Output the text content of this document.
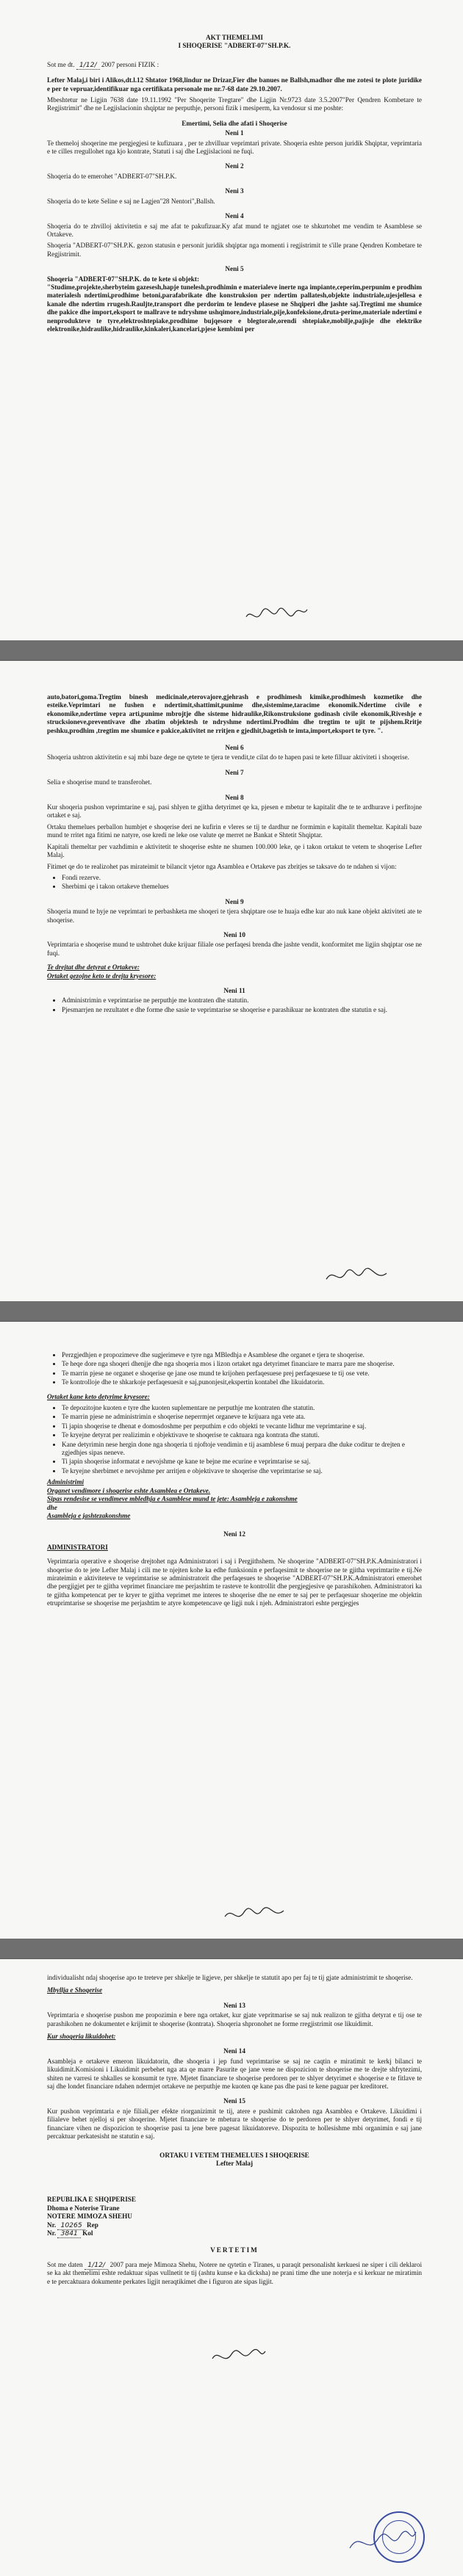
AKT THEMELIMI

I SHOQERISE "ADBERT-07"SH.P.K.

Sot me dt. 1/12/ 2007 personi FIZIK :

Lefter Malaj,i biri i Alikos,dt.l.12 Shtator 1968,lindur ne Drizar,Fier dhe banues ne Ballsh,madhor dhe me zotesi te plote juridike e per te vepruar,identifikuar nga certifikata personale me nr.7-68 date 29.10.2007.

Mbeshtetur ne Ligjin 7638 date 19.11.1992 "Per Shoqerite Tregtare" dhe Ligjin Nr.9723 date 3.5.2007"Per Qendren Kombetare te Regjistrimit" dhe ne Legjislacionin shqiptar ne perputhje, personi fizik i mesiperm, ka vendosur si me poshte:

Emertimi, Selia dhe afati i Shoqerise

Neni 1

Te themeloj shoqerine me pergjegjesi te kufizuara , per te zhvilluar veprimtari private. Shoqeria eshte person juridik Shqiptar, veprimtaria e te cilles rregullohet nga kjo kontrate, Statuti i saj dhe Legjislacioni ne fuqi.

Neni 2

Shoqeria do te emerohet "ADBERT-07"SH.P.K.

Neni 3

Shoqeria do te kete Seline e saj ne Lagjen"28 Nentori",Ballsh.

Neni 4

Shoqeria do te zhvilloj aktivitetin e saj me afat te pakufizuar.Ky afat mund te ngjatet ose te shkurtohet me vendim te Asamblese se Ortakeve.

Shoqeria "ADBERT-07"SH.P.K. gezon statusin e personit juridik shqiptar nga momenti i regjistrimit te s'ille prane Qendren Kombetare te Regjistrimit.

Neni 5

Shoqeria "ADBERT-07"SH.P.K. do te kete si objekt:

"Studime,projekte,sherbyteim gazesesh,hapje tunelesh,prodhimin e materialeve inerte nga impiante,ceperim,perpunim e prodhim materialesh ndertimi,prodhime betoni,parafabrikate dhe konstruksion per ndertim pallatesh,objekte industriale,ujesjellesa e kanale dhe ndertim rrugesh.Rauljte,transport dhe perdorim te lendeve plasese ne Shqiperi dhe jashte saj.Tregtimi me shumice dhe pakice dhe import,eksport te mallrave te ndryshme ushqimore,industriale,pije,konfeksione,druta-perime,materiale ndertimi e nenprodukteve te tyre,elektroshtepiake,prodhime bujqesore e blegtorale,orendi shtepiake,mobilje,pajisje dhe elektrike elektronike,hidraulike,hidraulike,kinkaleri,kancelari,pjese kembimi per

auto,batori,goma.Tregtim binesh medicinale,eterovajore,gjehrash e prodhimesh kimike,prodhimesh kozmetike dhe esteike.Veprimtari ne fushen e ndertimit,shattimit,punime dhe,sistemime,taracime ekonomik.Ndertime civile e ekonomike,ndertime vepra arti,punime mbrojtje dhe sisteme hidraulike,Rikonstruksione godinash civile ekonomik,Riveshje e strucksioneve,preventivave dhe zbatim objektesh te ndryshme ndertimi.Prodhim dhe tregtim te ujit te pijshem.Rritje peshku,prodhim ,tregtim me shumice e pakice,aktivitet ne rritjen e gjedhit,bagetish te imta,import,eksport te tyre. ".

Neni 6

Shoqeria ushtron aktivitetin e saj mbi baze dege ne qytete te tjera te vendit,te cilat do te hapen pasi te kete filluar aktiviteti i shoqerise.

Neni 7

Selia e shoqerise mund te transferohet.

Neni 8

Kur shoqeria pushon veprimtarine e saj, pasi shlyen te gjitha detyrimet qe ka, pjesen e mbetur te kapitalit dhe te te ardhurave i perfitojne ortaket e saj.

Ortaku themelues perballon humbjet e shoqerise deri ne kufirin e vleres se tij te dardhur ne formimin e kapitalit themeltar. Kapitali baze mund te rritet nga fitimi ne natyre, ose kredi ne leke ose valute qe merret ne Bankat e Shtetit Shqiptar.

Kapitali themeltar per vazhdimin e aktivitetit te shoqerise eshte ne shumen 100.000 leke, qe i takon ortakut te vetem te shoqerise Lefter Malaj.

Fitimet qe do te realizohet pas mirateimit te bilancit vjetor nga Asamblea e Ortakeve pas zbritjes se taksave do te ndahen si vijon:

• Fondi rezerve.
• Sherbimi qe i takon ortakeve themelues

Neni 9

Shoqeria mund te hyje ne veprimtari te perbashketa me shoqeri te tjera shqiptare ose te huaja edhe kur ato nuk kane objekt aktiviteti ate te shoqerise.

Neni 10

Veprimtaria e shoqerise mund te ushtrohet duke krijuar filiale ose perfaqesi brenda dhe jashte vendit, konformitet me ligjin shqiptar ose ne fuqi.

Te drejtat dhe detyrat e Ortakeve:

Ortaket gezojne keto te drejta kryesore:

Neni 11

• Administrimin e veprimtarise ne perputhje me kontraten dhe statutin.
• Pjesmarrjen ne rezultatet e dhe forme dhe sasie te veprimtarise se shoqerise e parashikuar ne kontraten dhe statutin e saj.
• Perzgjedhjen e propozimeve dhe sugjerimeve e tyre nga MBledhja e Asamblese dhe organet e tjera te shoqerise.
• Te heqe dore nga shoqeri dhenjje dhe nga shoqeria mos i lizon ortaket nga detyrimet financiare te marra pare me shoqerise.
• Te marrin pjese ne organet e shoqerise qe jane ose mund te krijohen perfaqesuese prej perfaqesuese te tij ose vete.
• Te kontrolloje dhe te shkarkoje perfaqesuesit e saj,punonjesit,ekspertin kontabel dhe likuidatorin.

Ortaket kane keto detyrime kryesore:

• Te depozitojne kuoten e tyre dhe kuoten suplementare ne perputhje me kontraten dhe statutin.
• Te marrin pjese ne administrimin e shoqerise neperrmjet organeve te krijuara nga vete ata.
• Ti japin shoqerise te dhenat e domosdoshme per perputhim e cdo objekti te vecante lidhur me veprimtarine e saj.
• Te kryejne detyrat per realizimin e objektivave te shoqerise te caktuara nga kontrata dhe statuti.
• Kane detyrimin nese hergin done nga shoqeria ti njoftoje vendimin e tij asamblese 6 muaj perpara dhe duke coditur te drejten e zgjedhjes sipas neneve.
• Ti japin shoqerise informatat e nevojshme qe kane te bejne me ecurine e veprimtarise se saj.
• Te kryejne sherbimet e nevojshme per arritjen e objektivave te shoqerise dhe veprimtarise se saj.

Administrimi

Organet vendimore i shoqerise eshte Asamblea e Ortakeve.

Sipas rendesise se vendimeve mbledhja e Asamblese mund te jete: Asambleja e zakonshme

dhe

Asambleja e jashtezakonshme

Neni 12

ADMINISTRATORI

Veprimtaria operative e shoqerise drejtohet nga Administratori i saj i Pergjithshem. Ne shoqerine "ADBERT-07"SH.P.K.Administratori i shoqerise do te jete Lefter Malaj i cili me te njejten kohe ka edhe funksionin e perfaqesimit te shoqerise ne te gjitha veprimtarite e tij.Ne mirateimin e aktiviteteve te veprimtarise se administratorit dhe perfaqesues te shoqerise "ADBERT-07"SH.P.K.Administratori emerohet dhe pergjigjet per te gjitha veprimet financiare me perjashtim te rasteve te kontrollit dhe pergjegjesive qe parashikohen. Administratori ka te gjitha kompetencat per te kryer te gjitha veprimet me interes te shoqerise dhe ne emer te saj per te perfaqesuar shoqerine me objektin etruprimtarise se shoqerise me perjashtim te atyre kompetencave qe ligji nuk i njeh. Administratori eshte pergjegjes

individualisht ndaj shoqerise apo te treteve per shkelje te ligjeve, per shkelje te statutit apo per faj te tij gjate administrimit te shoqerise.

Mbyllja e Shoqerise

Neni 13

Veprimtaria e shoqerise pushon me propozimin e bere nga ortaket, kur gjate vepritmarise se saj nuk realizon te gjitha detyrat e tij ose te parashikohen ne dokumentet e krijimit te shoqerise (kontrata). Shoqeria shpronohet ne forme rregjistrimit ose likuidimit.

Kur shoqeria likuidohet:

Neni 14

Asambleja e ortakeve emeron likuidatorin, dhe shoqeria i jep fund veprimtarise se saj ne caqtin e miratimit te kerkj bilanci te likuidimit.Komisioni i Likuidimit perbehet nga ata qe marre Pasurite qe jane vene ne dispozicion te shoqerise me te drejte shfrytezimi, shiten ne varresi te shkalles se konsumit te tyre. Mjetet financiare te shoqerise perdoren per te shlyer detyrimet e shoqerise e te fitlave te saj dhe londet financiare ndahen ndermjet ortakeve ne perputhje me kuoten qe kane pas dhe pasi te kene paguar per kreditoret.

Neni 15

Kur pushon veprimtaria e nje filiali,per efekte riorganizimit te tij, atere e pushimit caktohen nga Asamblea e Ortakeve. Likuidimi i filialeve behet njelloj si per shoqerine. Mjetet financiare te mbetura te shoqerise do te perdoren per te shlyer detyrimet, fondi e tij financiare vihen ne dispozicion te shoqerise pasi ta jene bere pagesat likuidatoreve. Dispozita te hollesishme mbi organimin e saj jane percaktuar perkatesisht ne statutin e saj.

ORTAKU I VETEM THEMELUES I SHOQERISE

Lefter Malaj

REPUBLIKA E SHQIPERISE

Dhoma e Noterise Tirane

NOTERE MIMOZA SHEHU

Nr. 10265 Rep

Nr. 3841 Kol

VERTETIM

Sot me daten 1/12/ 2007 para meje Mimoza Shehu, Notere ne qytetin e Tiranes, u paraqit personalisht kerkuesi ne siper i cili deklaroi se ka akt themelimi eshte redaktuar sipas vullnetit te tij (ashtu kunse e ka dicksha) ne prani time dhe une noterja e si kerkuar ne miratimin e te percaktuara dokumente perkates ligjit neraqtikimet dhe i figuron ate sipas ligjit.
